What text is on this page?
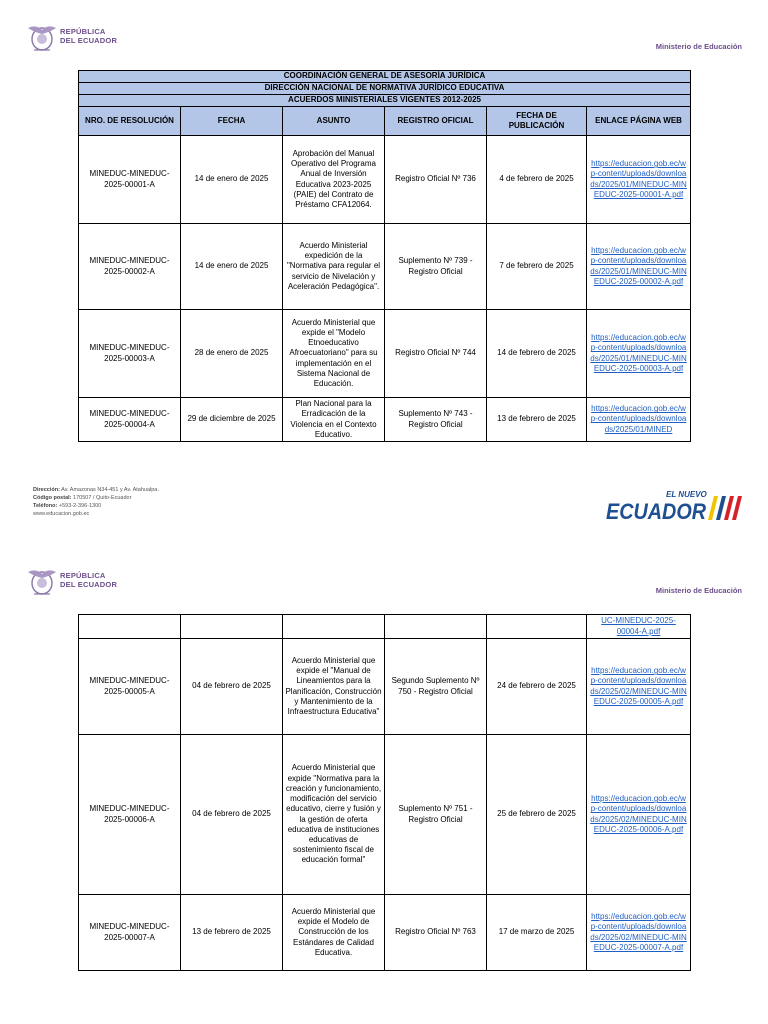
REPÚBLICA
DEL ECUADOR
Ministerio de Educación
COORDINACIÓN GENERAL DE ASESORÍA JURÍDICA					
DIRECCIÓN NACIONAL DE NORMATIVA JURÍDICO EDUCATIVA					
ACUERDOS MINISTERIALES VIGENTES 2012-2025					
NRO. DE RESOLUCIÓN	FECHA	ASUNTO	REGISTRO OFICIAL	FECHA DE PUBLICACIÓN	ENLACE PÁGINA WEB
MINEDUC-MINEDUC-2025-00001-A	14 de enero de 2025	Aprobación del Manual Operativo del Programa Anual de Inversión Educativa 2023-2025 (PAIE) del Contrato de Préstamo CFA12064.	Registro Oficial Nº 736	4 de febrero de 2025	https://educacion.gob.ec/wp-content/uploads/downloads/2025/01/MINEDUC-MINEDUC-2025-00001-A.pdf
MINEDUC-MINEDUC-2025-00002-A	14 de enero de 2025	Acuerdo Ministerial expedición de la "Normativa para regular el servicio de Nivelación y Aceleración Pedagógica".	Suplemento Nº 739 - Registro Oficial	7 de febrero de 2025	https://educacion.gob.ec/wp-content/uploads/downloads/2025/01/MINEDUC-MINEDUC-2025-00002-A.pdf
MINEDUC-MINEDUC-2025-00003-A	28 de enero de 2025	Acuerdo Ministerial que expide el "Modelo Etnoeducativo Afroecuatoriano" para su implementación en el Sistema Nacional de Educación.	Registro Oficial Nº 744	14 de febrero de 2025	https://educacion.gob.ec/wp-content/uploads/downloads/2025/01/MINEDUC-MINEDUC-2025-00003-A.pdf
MINEDUC-MINEDUC-2025-00004-A	29 de diciembre de 2025	Plan Nacional para la Erradicación de la Violencia en el Contexto Educativo.	Suplemento Nº 743 - Registro Oficial	13 de febrero de 2025	https://educacion.gob.ec/wp-content/uploads/downloads/2025/01/MINED
Dirección: Av. Amazonas N34-451 y Av. Atahualpa.
Código postal: 170507 / Quito-Ecuador
Teléfono: +593-2-396-1300
www.educacion.gob.ec
EL NUEVO
ECUADOR
REPÚBLICA
DEL ECUADOR
Ministerio de Educación
					UC-MINEDUC-2025-00004-A.pdf
MINEDUC-MINEDUC-2025-00005-A	04 de febrero de 2025	Acuerdo Ministerial que expide el "Manual de Lineamientos para la Planificación, Construcción y Mantenimiento de la Infraestructura Educativa"	Segundo Suplemento Nº 750 - Registro Oficial	24 de febrero de 2025	https://educacion.gob.ec/wp-content/uploads/downloads/2025/02/MINEDUC-MINEDUC-2025-00005-A.pdf
MINEDUC-MINEDUC-2025-00006-A	04 de febrero de 2025	Acuerdo Ministerial que expide "Normativa para la creación y funcionamiento, modificación del servicio educativo, cierre y fusión y la gestión de oferta educativa de instituciones educativas de sostenimiento fiscal de educación formal"	Suplemento Nº 751 - Registro Oficial	25 de febrero de 2025	https://educacion.gob.ec/wp-content/uploads/downloads/2025/02/MINEDUC-MINEDUC-2025-00006-A.pdf
MINEDUC-MINEDUC-2025-00007-A	13 de febrero de 2025	Acuerdo Ministerial que expide el Modelo de Construcción de los Estándares de Calidad Educativa.	Registro Oficial Nº 763	17 de marzo de 2025	https://educacion.gob.ec/wp-content/uploads/downloads/2025/02/MINEDUC-MINEDUC-2025-00007-A.pdf
